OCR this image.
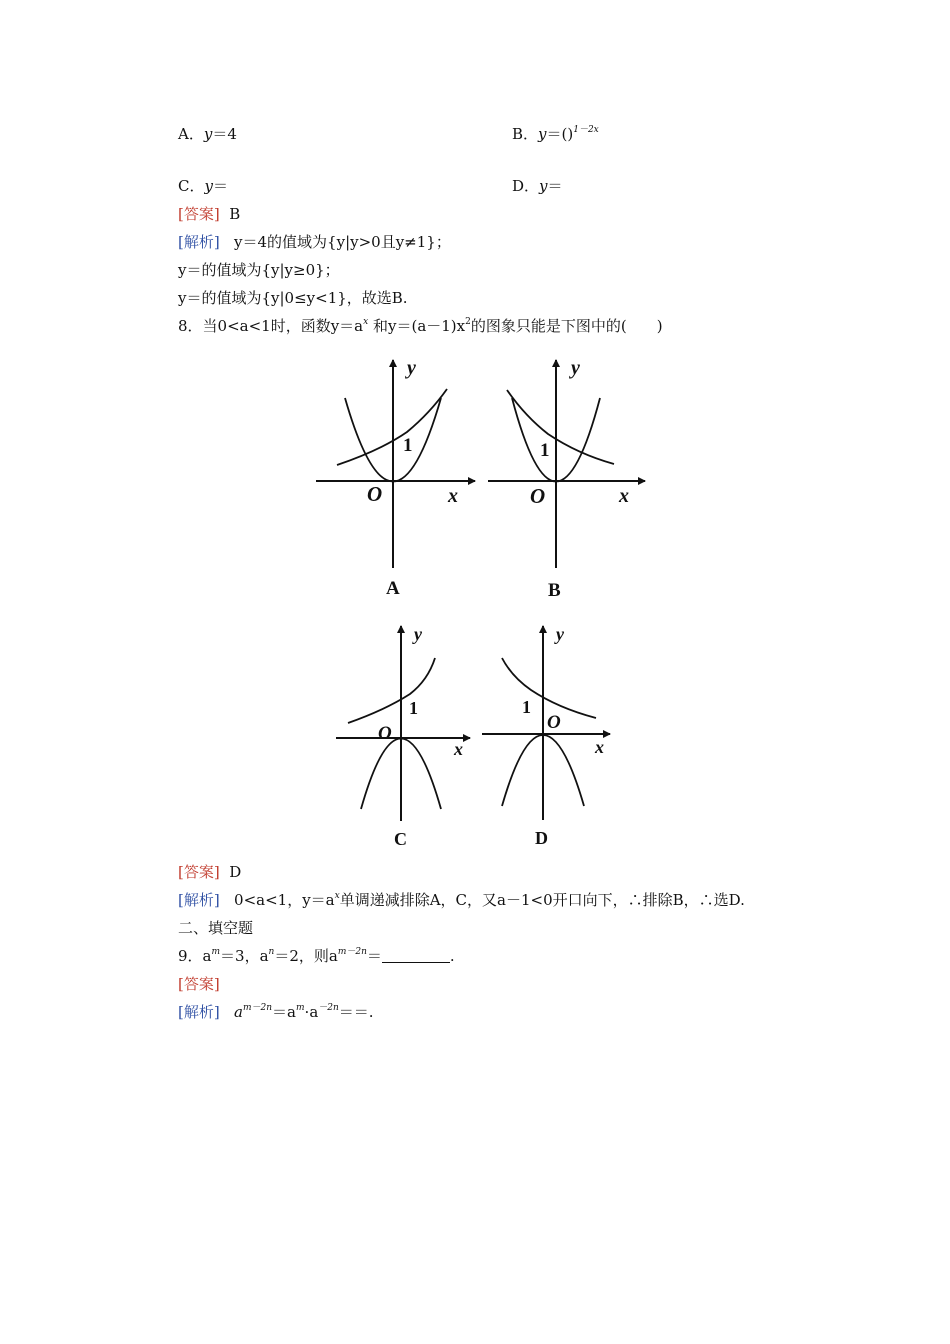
A．y＝4	B．y＝()$^{1-2x}$
C．y＝	D．y＝
[答案] B
[解析] y＝4的值域为{y|y>0且y≠1}；
y＝的值域为{y|y≥0}；
y＝的值域为{y|0≤y<1}，故选B.
8．当0<a<1时，函数$y=a^x$ 和$y=(a-1)x^2$的图象只能是下图中的(　　)
y
x
O
1
A
y
x
O
1
B
y
x
O
1
C
y
x
O
1
D
[答案] D
[解析] 0<a<1，$y=a^x$单调递减排除A，C，又a－1<0开口向下，∴排除B，∴选D.
二、填空题
9．$a^m=3$，$a^n=2$，则$a^{m-2n}=$	.
[答案]
[解析] $a^{m-2n}=a^m\cdot a^{-2n}==$.
